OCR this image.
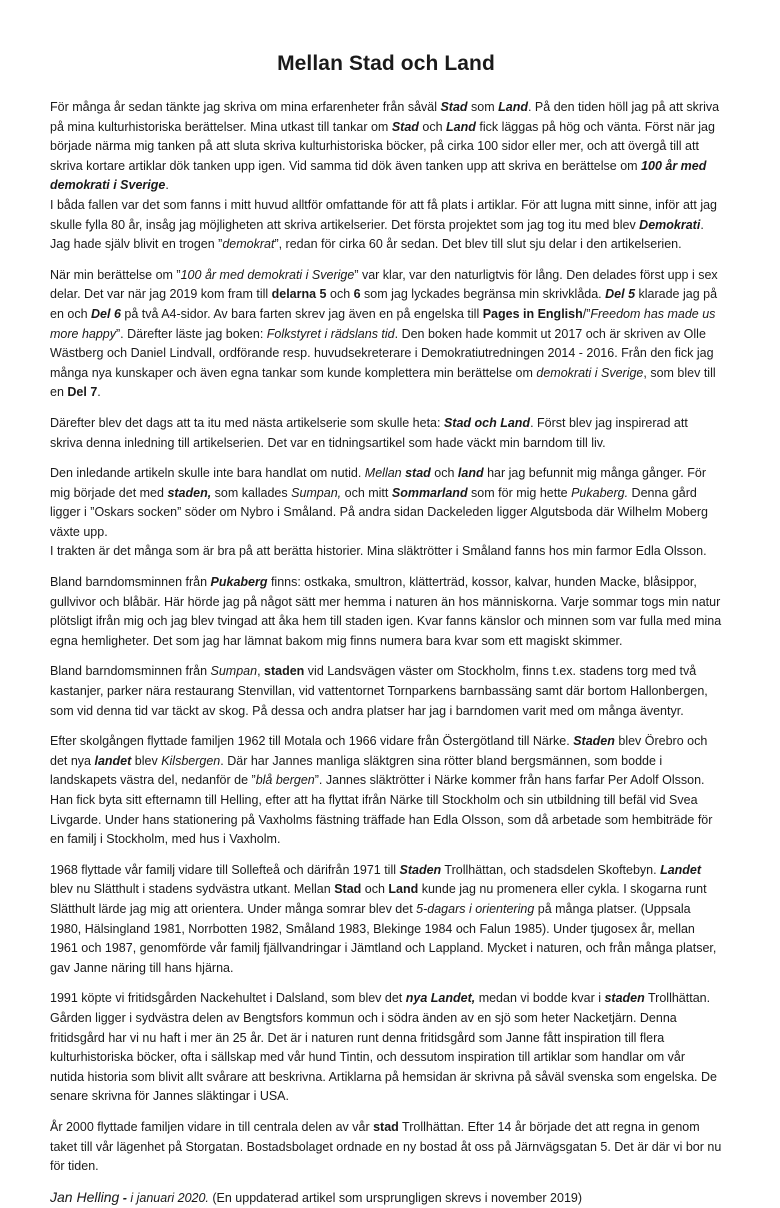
Mellan Stad och Land

För många år sedan tänkte jag skriva om mina erfarenheter från såväl Stad som Land. På den tiden höll jag på att skriva på mina kulturhistoriska berättelser. Mina utkast till tankar om Stad och Land fick läggas på hög och vänta. Först när jag började närma mig tanken på att sluta skriva kulturhistoriska böcker, på cirka 100 sidor eller mer, och att övergå till att skriva kortare artiklar dök tanken upp igen. Vid samma tid dök även tanken upp att skriva en berättelse om 100 år med demokrati i Sverige.
I båda fallen var det som fanns i mitt huvud alltför omfattande för att få plats i artiklar. För att lugna mitt sinne, inför att jag skulle fylla 80 år, insåg jag möjligheten att skriva artikelserier. Det första projektet som jag tog itu med blev Demokrati. Jag hade själv blivit en trogen ”demokrat”, redan för cirka 60 år sedan. Det blev till slut sju delar i den artikelserien.

När min berättelse om ”100 år med demokrati i Sverige” var klar, var den naturligtvis för lång. Den delades först upp i sex delar. Det var när jag 2019 kom fram till delarna 5 och 6 som jag lyckades begränsa min skrivklåda. Del 5 klarade jag på en och Del 6 på två A4-sidor. Av bara farten skrev jag även en på engelska till Pages in English/”Freedom has made us more happy”. Därefter läste jag boken: Folkstyret i rädslans tid. Den boken hade kommit ut 2017 och är skriven av Olle Wästberg och Daniel Lindvall, ordförande resp. huvudsekreterare i Demokratiutredningen 2014 - 2016. Från den fick jag många nya kunskaper och även egna tankar som kunde komplettera min berättelse om demokrati i Sverige, som blev till en Del 7.

Därefter blev det dags att ta itu med nästa artikelserie som skulle heta: Stad och Land. Först blev jag inspirerad att skriva denna inledning till artikelserien. Det var en tidningsartikel som hade väckt min barndom till liv.

Den inledande artikeln skulle inte bara handlat om nutid. Mellan stad och land har jag befunnit mig många gånger. För mig började det med staden, som kallades Sumpan, och mitt Sommarland som för mig hette Pukaberg. Denna gård ligger i ”Oskars socken” söder om Nybro i Småland. På andra sidan Dackeleden ligger Algutsboda där Wilhelm Moberg växte upp.
I trakten är det många som är bra på att berätta historier. Mina släktrötter i Småland fanns hos min farmor Edla Olsson.

Bland barndomsminnen från Pukaberg finns: ostkaka, smultron, klätterträd, kossor, kalvar, hunden Macke, blåsippor, gullvivor och blåbär. Här hörde jag på något sätt mer hemma i naturen än hos människorna. Varje sommar togs min natur plötsligt ifrån mig och jag blev tvingad att åka hem till staden igen. Kvar fanns känslor och minnen som var fulla med mina egna hemligheter. Det som jag har lämnat bakom mig finns numera bara kvar som ett magiskt skimmer.

Bland barndomsminnen från Sumpan, staden vid Landsvägen väster om Stockholm, finns t.ex. stadens torg med två kastanjer, parker nära restaurang Stenvillan, vid vattentornet Tornparkens barnbassäng samt där bortom Hallonbergen, som vid denna tid var täckt av skog. På dessa och andra platser har jag i barndomen varit med om många äventyr.

Efter skolgången flyttade familjen 1962 till Motala och 1966 vidare från Östergötland till Närke. Staden blev Örebro och det nya landet blev Kilsbergen. Där har Jannes manliga släktgren sina rötter bland bergsmännen, som bodde i landskapets västra del, nedanför de ”blå bergen”. Jannes släktrötter i Närke kommer från hans farfar Per Adolf Olsson. Han fick byta sitt efternamn till Helling, efter att ha flyttat ifrån Närke till Stockholm och sin utbildning till befäl vid Svea Livgarde. Under hans stationering på Vaxholms fästning träffade han Edla Olsson, som då arbetade som hembiträde för en familj i Stockholm, med hus i Vaxholm.

1968 flyttade vår familj vidare till Sollefteå och därifrån 1971 till Staden Trollhättan, och stadsdelen Skoftebyn. Landet blev nu Slätthult i stadens sydvästra utkant. Mellan Stad och Land kunde jag nu promenera eller cykla. I skogarna runt Slätthult lärde jag mig att orientera. Under många somrar blev det 5-dagars i orientering på många platser. (Uppsala 1980, Hälsingland 1981, Norrbotten 1982, Småland 1983, Blekinge 1984 och Falun 1985). Under tjugosex år, mellan 1961 och 1987, genomförde vår familj fjällvandringar i Jämtland och Lappland. Mycket i naturen, och från många platser, gav Janne näring till hans hjärna.

1991 köpte vi fritidsgården Nackehultet i Dalsland, som blev det nya Landet, medan vi bodde kvar i staden Trollhättan. Gården ligger i sydvästra delen av Bengtsfors kommun och i södra änden av en sjö som heter Nacketjärn. Denna fritidsgård har vi nu haft i mer än 25 år. Det är i naturen runt denna fritidsgård som Janne fått inspiration till flera kulturhistoriska böcker, ofta i sällskap med vår hund Tintin, och dessutom inspiration till artiklar som handlar om vår nutida historia som blivit allt svårare att beskrivna. Artiklarna på hemsidan är skrivna på såväl svenska som engelska. De senare skrivna för Jannes släktingar i USA.

År 2000 flyttade familjen vidare in till centrala delen av vår stad Trollhättan. Efter 14 år började det att regna in genom taket till vår lägenhet på Storgatan. Bostadsbolaget ordnade en ny bostad åt oss på Järnvägsgatan 5. Det är där vi bor nu för tiden.

Jan Helling - i januari 2020. (En uppdaterad artikel som ursprungligen skrevs i november 2019)
